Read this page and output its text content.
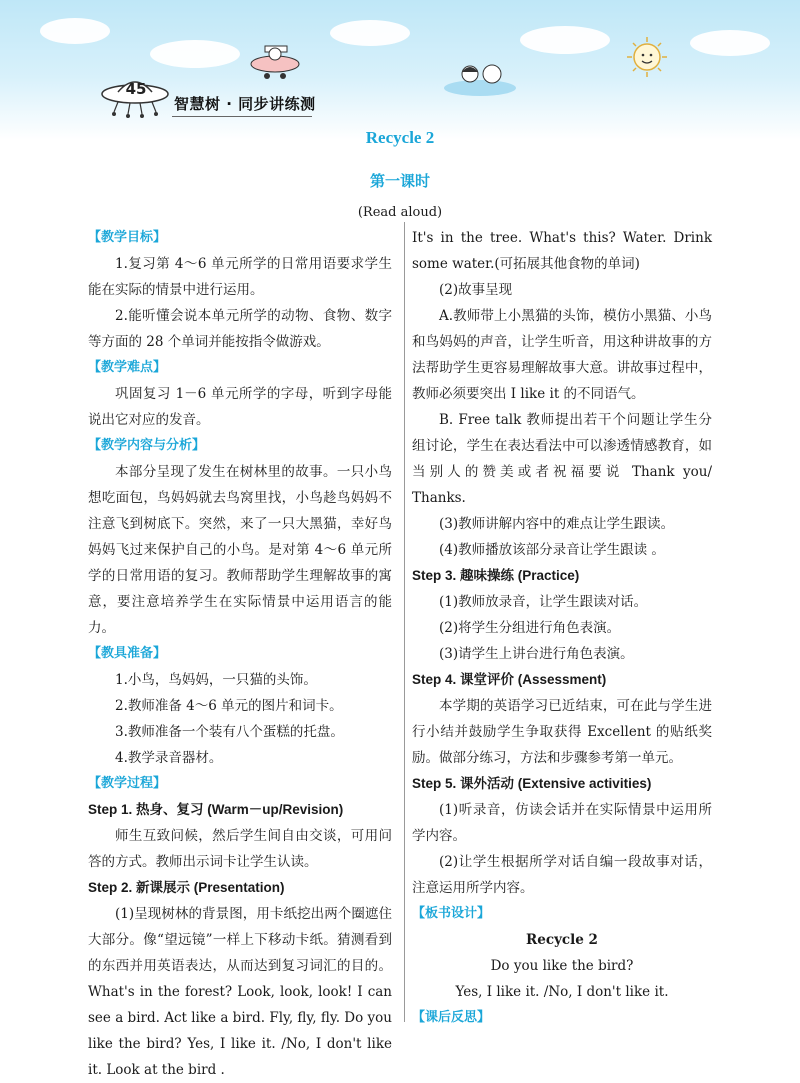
45
智慧树 · 同步讲练测
Recycle 2
第一课时
(Read aloud)

【教学目标】

1.复习第 4～6 单元所学的日常用语要求学生能在实际的情景中进行运用。

2.能听懂会说本单元所学的动物、食物、数字等方面的 28 个单词并能按指令做游戏。

【教学难点】

巩固复习 1－6 单元所学的字母，听到字母能说出它对应的发音。

【教学内容与分析】

本部分呈现了发生在树林里的故事。一只小鸟想吃面包，鸟妈妈就去鸟窝里找，小鸟趁鸟妈妈不注意飞到树底下。突然，来了一只大黑猫，幸好鸟妈妈飞过来保护自己的小鸟。是对第 4～6 单元所学的日常用语的复习。教师帮助学生理解故事的寓意，要注意培养学生在实际情景中运用语言的能力。

【教具准备】

1.小鸟，鸟妈妈，一只猫的头饰。

2.教师准备 4～6 单元的图片和词卡。

3.教师准备一个装有八个蛋糕的托盘。

4.教学录音器材。

【教学过程】

Step 1. 热身、复习 (Warm－up/Revision)

师生互致问候，然后学生间自由交谈，可用问答的方式。教师出示词卡让学生认读。

Step 2. 新课展示 (Presentation)

(1)呈现树林的背景图，用卡纸挖出两个圈遮住大部分。像“望远镜”一样上下移动卡纸。猜测看到的东西并用英语表达，从而达到复习词汇的目的。What's in the forest? Look, look, look! I can see a bird. Act like a bird. Fly, fly, fly. Do you like the bird? Yes, I like it. /No, I don't like it. Look at the bird .

It's in the tree. What's this? Water. Drink some water.(可拓展其他食物的单词)

(2)故事呈现

A.教师带上小黑猫的头饰，模仿小黑猫、小鸟和鸟妈妈的声音，让学生听音，用这种讲故事的方法帮助学生更容易理解故事大意。讲故事过程中，教师必须要突出 I like it 的不同语气。

B. Free talk 教师提出若干个问题让学生分组讨论，学生在表达看法中可以渗透情感教育，如当别人的赞美或者祝福要说 Thank you/ Thanks.

(3)教师讲解内容中的难点让学生跟读。

(4)教师播放该部分录音让学生跟读 。

Step 3. 趣味操练 (Practice)

(1)教师放录音，让学生跟读对话。

(2)将学生分组进行角色表演。

(3)请学生上讲台进行角色表演。

Step 4. 课堂评价 (Assessment)

本学期的英语学习已近结束，可在此与学生进行小结并鼓励学生争取获得 Excellent 的贴纸奖励。做部分练习，方法和步骤参考第一单元。

Step 5. 课外活动 (Extensive activities)

(1)听录音，仿读会话并在实际情景中运用所学内容。

(2)让学生根据所学对话自编一段故事对话，注意运用所学内容。

【板书设计】

Recycle 2

Do you like the bird?

Yes, I like it. /No, I don't like it.

【课后反思】
